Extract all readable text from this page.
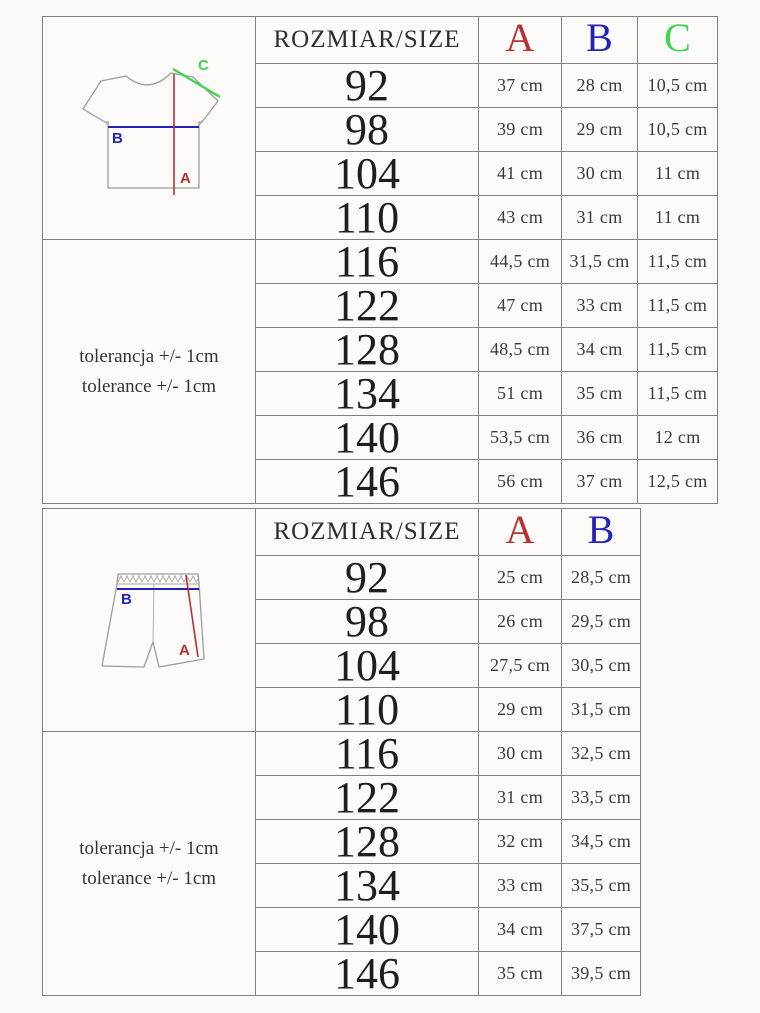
B
A
C
ROZMIAR/SIZE	A	B	C
92	37 cm	28 cm	10,5 cm
98	39 cm	29 cm	10,5 cm
104	41 cm	30 cm	11 cm
110	43 cm	31 cm	11 cm
116	44,5 cm	31,5 cm	11,5 cm
122	47 cm	33 cm	11,5 cm
128	48,5 cm	34 cm	11,5 cm
134	51 cm	35 cm	11,5 cm
140	53,5 cm	36 cm	12 cm
146	56 cm	37 cm	12,5 cm
tolerancja +/- 1cm
tolerance +/- 1cm
B
A
ROZMIAR/SIZE	A	B
92	25 cm	28,5 cm
98	26 cm	29,5 cm
104	27,5 cm	30,5 cm
110	29 cm	31,5 cm
116	30 cm	32,5 cm
122	31 cm	33,5 cm
128	32 cm	34,5 cm
134	33 cm	35,5 cm
140	34 cm	37,5 cm
146	35 cm	39,5 cm
tolerancja +/- 1cm
tolerance +/- 1cm
